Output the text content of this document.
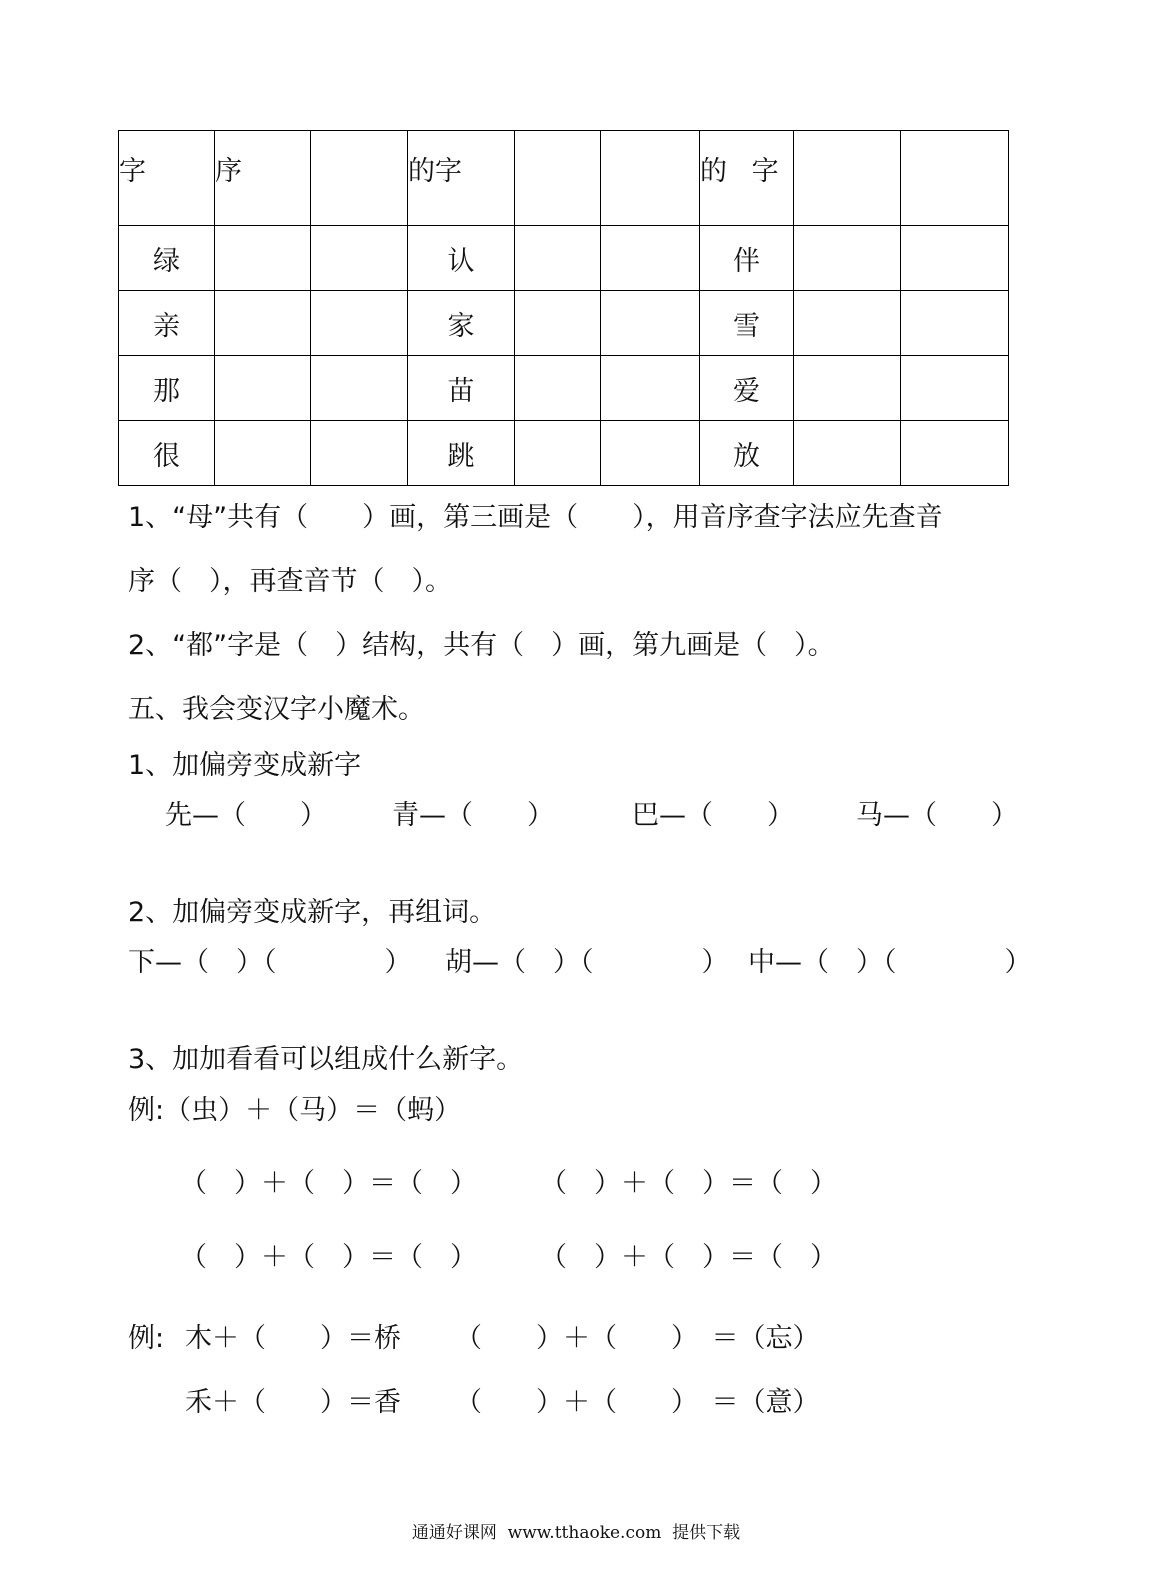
字	序		的字			的 字		
绿			认			伴		
亲			家			雪		
那			苗			爱		
很			跳			放		
1、“母”共有（　　）画，第三画是（　　），用音序查字法应先查音
序（　），再查音节（　）。
2、“都”字是（　）结构，共有（　）画，第九画是（　）。
五、我会变汉字小魔术。
1、加偏旁变成新字
先—（　　） 青—（　　）	巴—（　　） 马—（　　）
2、加偏旁变成新字，再组词。
下—（　）（　　　　） 胡—（　）（　　　　） 中—（　）（　　　　）
3、加加看看可以组成什么新字。
例:（虫）＋（马）＝（蚂）
（　）＋（　）＝（　） （　）＋（　）＝（　）
（　）＋（　）＝（　） （　）＋（　）＝（　）
例: 木＋（　　）＝桥 （　　）＋（　　）　＝（忘）
禾＋（　　）＝香 （　　）＋（　　）　＝（意）
通通好课网  www.tthaoke.com  提供下载
